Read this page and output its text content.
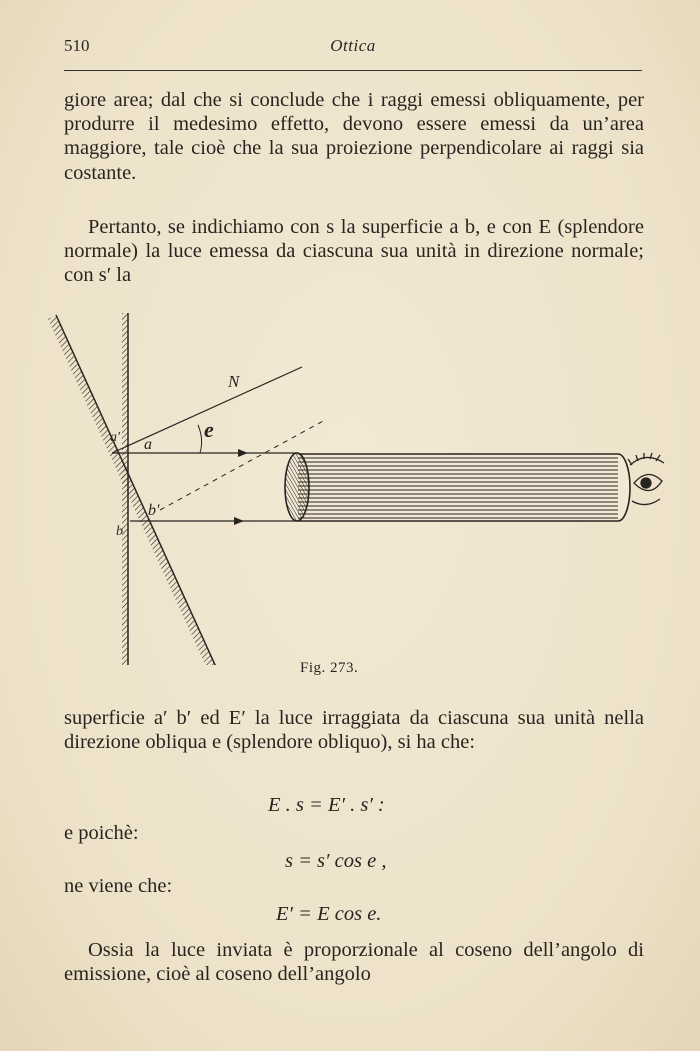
510	Ottica

giore area; dal che si conclude che i raggi emessi obliquamente, per produrre il medesimo effetto, devono essere emessi da un’area maggiore, tale cioè che la sua proiezione perpendicolare ai raggi sia costante.

Pertanto, se indichiamo con s la superficie a b, e con E (splendore normale) la luce emessa da ciascuna sua unità in direzione normale; con s′ la

N
e
a′ a
b′
b
Fig. 273.

superficie a′ b′ ed E′ la luce irraggiata da ciascuna sua unità nella direzione obliqua e (splendore obliquo), si ha che:

E . s = E′ . s′ :
e poichè:
s = s′ cos e ,
ne viene che:
E′ = E cos e.

Ossia la luce inviata è proporzionale al coseno dell’angolo di emissione, cioè al coseno dell’angolo
